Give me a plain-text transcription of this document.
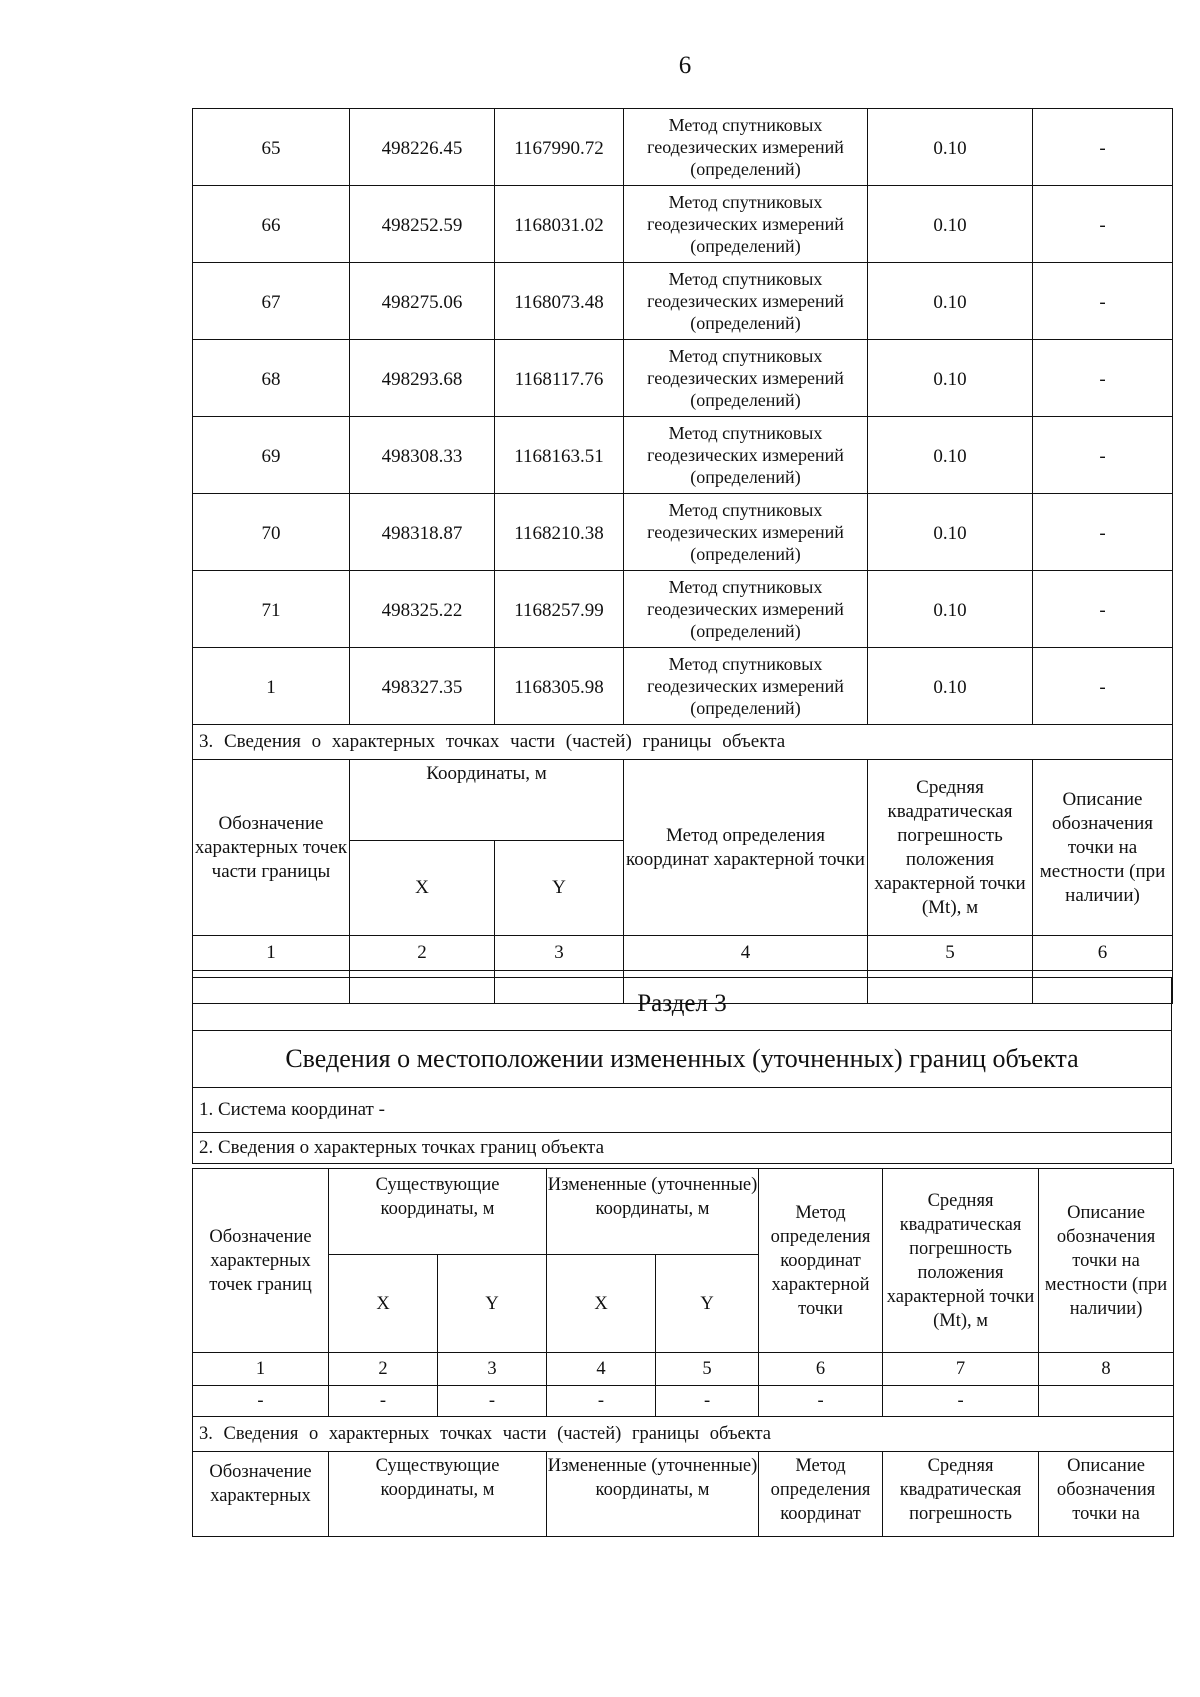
6
65	498226.45	1167990.72	Метод спутниковых геодезических измерений (определений)	0.10	-
66	498252.59	1168031.02	Метод спутниковых геодезических измерений (определений)	0.10	-
67	498275.06	1168073.48	Метод спутниковых геодезических измерений (определений)	0.10	-
68	498293.68	1168117.76	Метод спутниковых геодезических измерений (определений)	0.10	-
69	498308.33	1168163.51	Метод спутниковых геодезических измерений (определений)	0.10	-
70	498318.87	1168210.38	Метод спутниковых геодезических измерений (определений)	0.10	-
71	498325.22	1168257.99	Метод спутниковых геодезических измерений (определений)	0.10	-
1	498327.35	1168305.98	Метод спутниковых геодезических измерений (определений)	0.10	-
3. Сведения о характерных точках части (частей) границы объекта					
Обозначение характерных точек части границы	Координаты, м		Метод определения координат характерной точки	Средняя квадратическая погрешность положения характерной точки (Mt), м	Описание обозначения точки на местности (при наличии)
	X	Y			
1	2	3	4	5	6

Раздел 3
Сведения о местоположении измененных (уточненных) границ объекта
1. Система координат -
2. Сведения о характерных точках границ объекта
Обозначение характерных точек границ	Существующие координаты, м		Измененные (уточненные) координаты, м		Метод определения координат характерной точки	Средняя квадратическая погрешность положения характерной точки (Mt), м	Описание обозначения точки на местности (при наличии)
	X	Y	X	Y			
1	2	3	4	5	6	7	8
-	-	-	-	-	-	-	
3. Сведения о характерных точках части (частей) границы объекта							
Обозначение характерных	Существующие координаты, м		Измененные (уточненные) координаты, м		Метод определения координат	Средняя квадратическая погрешность	Описание обозначения точки на
